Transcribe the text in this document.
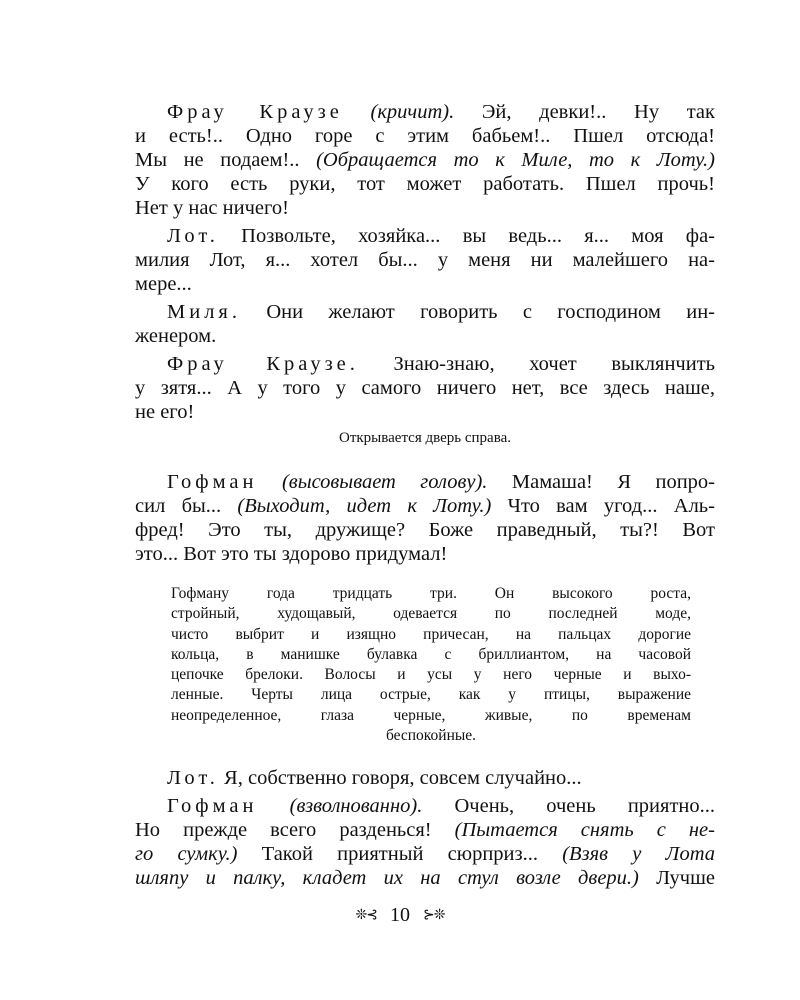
Фрау Краузе (кричит). Эй, девки!.. Ну так
и есть!.. Одно горе с этим бабьем!.. Пшел отсюда!
Мы не подаем!.. (Обращается то к Миле, то к Лоту.)
У кого есть руки, тот может работать. Пшел прочь!
Нет у нас ничего!
Лот. Позвольте, хозяйка... вы ведь... я... моя фа-
милия Лот, я... хотел бы... у меня ни малейшего на-
мере...
Миля. Они желают говорить с господином ин-
женером.
Фрау Краузе. Знаю-знаю, хочет выклянчить
у зятя... А у того у самого ничего нет, все здесь наше,
не его!
Открывается дверь справа.
Гофман (высовывает голову). Мамаша! Я попро-
сил бы... (Выходит, идет к Лоту.) Что вам угод... Аль-
фред! Это ты, дружище? Боже праведный, ты?! Вот
это... Вот это ты здорово придумал!
Гофману года тридцать три. Он высокого роста,
стройный, худощавый, одевается по последней моде,
чисто выбрит и изящно причесан, на пальцах дорогие
кольца, в манишке булавка с бриллиантом, на часовой
цепочке брелоки. Волосы и усы у него черные и выхо-
ленные. Черты лица острые, как у птицы, выражение
неопределенное, глаза черные, живые, по временам
беспокойные.
Лот. Я, собственно говоря, совсем случайно...
Гофман (взволнованно). Очень, очень приятно...
Но прежде всего разденься! (Пытается снять с не-
го сумку.) Такой приятный сюрприз... (Взяв у Лота
шляпу и палку, кладет их на стул возле двери.) Лучше
❊⊰ 10 ⊱❊
